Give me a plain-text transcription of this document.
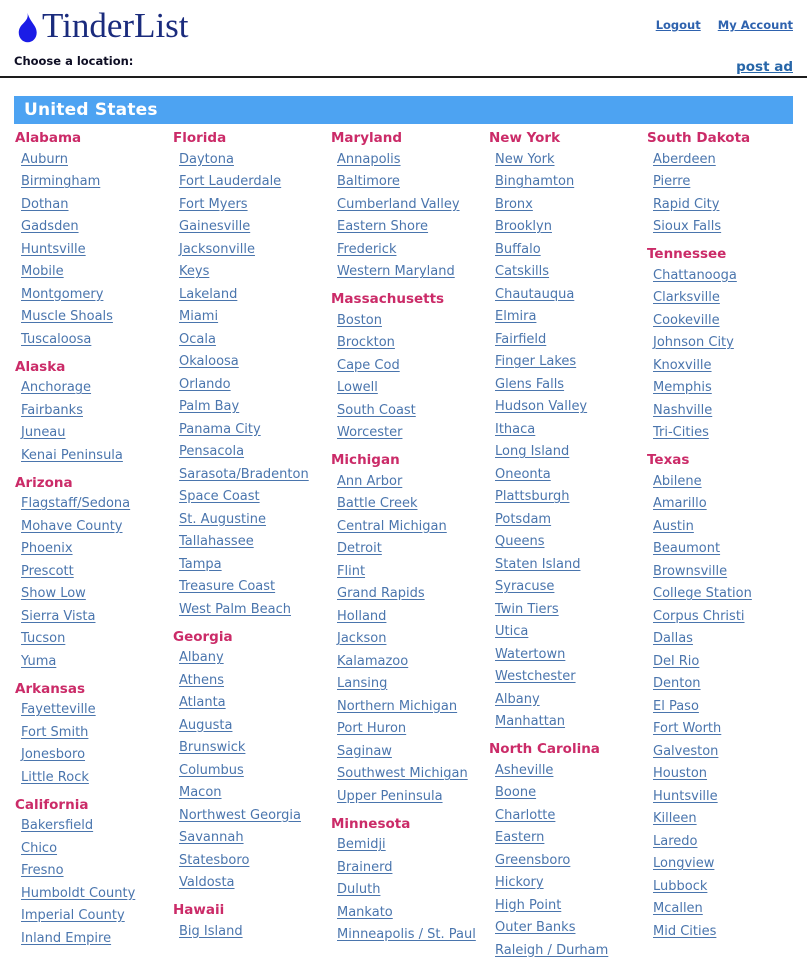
TinderList	Logout My Account
Choose a location:	post ad
United States
Alabama
Auburn
Birmingham
Dothan
Gadsden
Huntsville
Mobile
Montgomery
Muscle Shoals
Tuscaloosa
Alaska
Anchorage
Fairbanks
Juneau
Kenai Peninsula
Arizona
Flagstaff/Sedona
Mohave County
Phoenix
Prescott
Show Low
Sierra Vista
Tucson
Yuma
Arkansas
Fayetteville
Fort Smith
Jonesboro
Little Rock
California
Bakersfield
Chico
Fresno
Humboldt County
Imperial County
Inland Empire
Florida
Daytona
Fort Lauderdale
Fort Myers
Gainesville
Jacksonville
Keys
Lakeland
Miami
Ocala
Okaloosa
Orlando
Palm Bay
Panama City
Pensacola
Sarasota/Bradenton
Space Coast
St. Augustine
Tallahassee
Tampa
Treasure Coast
West Palm Beach
Georgia
Albany
Athens
Atlanta
Augusta
Brunswick
Columbus
Macon
Northwest Georgia
Savannah
Statesboro
Valdosta
Hawaii
Big Island
Maryland
Annapolis
Baltimore
Cumberland Valley
Eastern Shore
Frederick
Western Maryland
Massachusetts
Boston
Brockton
Cape Cod
Lowell
South Coast
Worcester
Michigan
Ann Arbor
Battle Creek
Central Michigan
Detroit
Flint
Grand Rapids
Holland
Jackson
Kalamazoo
Lansing
Northern Michigan
Port Huron
Saginaw
Southwest Michigan
Upper Peninsula
Minnesota
Bemidji
Brainerd
Duluth
Mankato
Minneapolis / St. Paul
New York
New York
Binghamton
Bronx
Brooklyn
Buffalo
Catskills
Chautauqua
Elmira
Fairfield
Finger Lakes
Glens Falls
Hudson Valley
Ithaca
Long Island
Oneonta
Plattsburgh
Potsdam
Queens
Staten Island
Syracuse
Twin Tiers
Utica
Watertown
Westchester
Albany
Manhattan
North Carolina
Asheville
Boone
Charlotte
Eastern
Greensboro
Hickory
High Point
Outer Banks
Raleigh / Durham
South Dakota
Aberdeen
Pierre
Rapid City
Sioux Falls
Tennessee
Chattanooga
Clarksville
Cookeville
Johnson City
Knoxville
Memphis
Nashville
Tri-Cities
Texas
Abilene
Amarillo
Austin
Beaumont
Brownsville
College Station
Corpus Christi
Dallas
Del Rio
Denton
El Paso
Fort Worth
Galveston
Houston
Huntsville
Killeen
Laredo
Longview
Lubbock
Mcallen
Mid Cities
